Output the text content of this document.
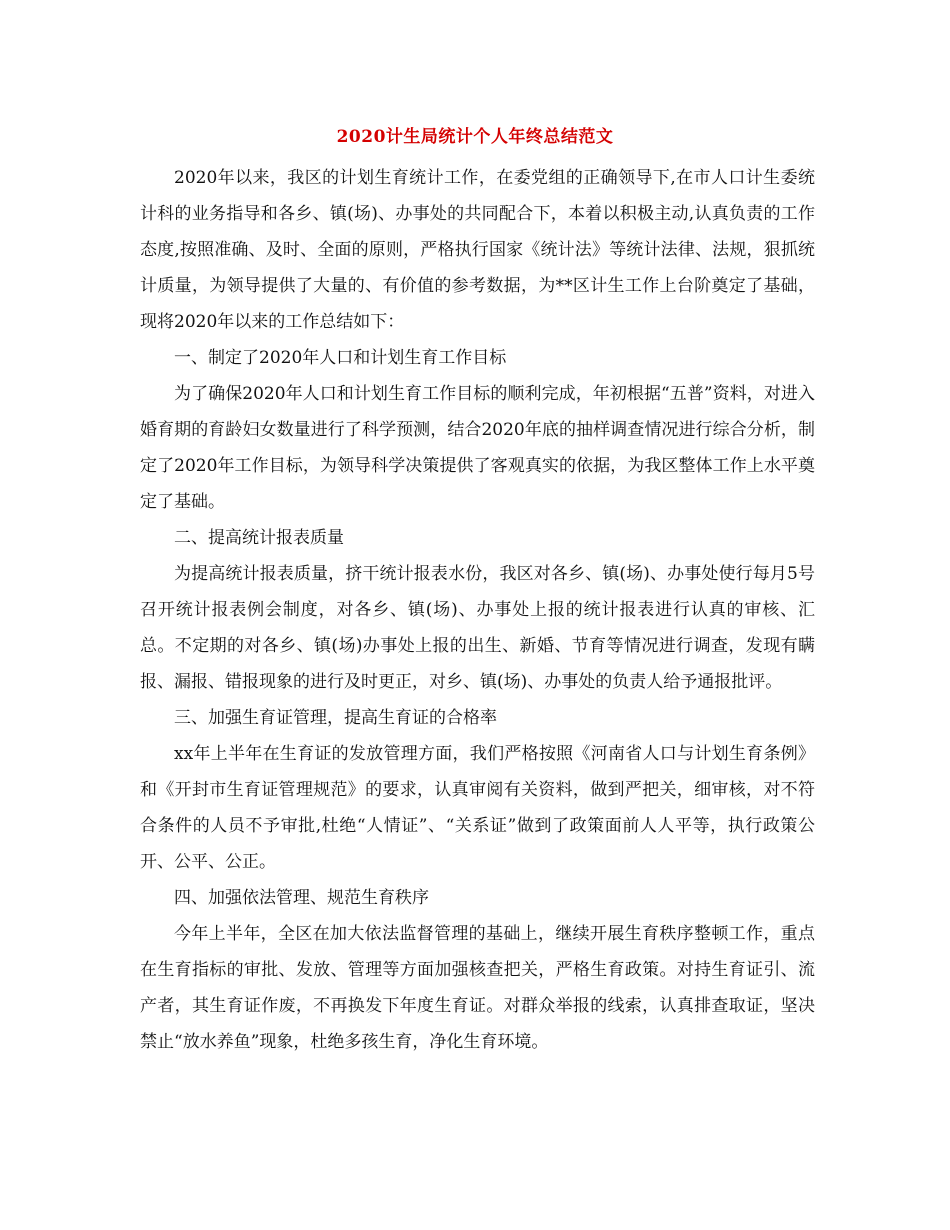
2020计生局统计个人年终总结范文

2020年以来，我区的计划生育统计工作，在委党组的正确领导下,在市人口计生委统计科的业务指导和各乡、镇(场)、办事处的共同配合下，本着以积极主动,认真负责的工作态度,按照准确、及时、全面的原则，严格执行国家《统计法》等统计法律、法规，狠抓统计质量，为领导提供了大量的、有价值的参考数据，为**区计生工作上台阶奠定了基础，现将2020年以来的工作总结如下：

一、制定了2020年人口和计划生育工作目标

为了确保2020年人口和计划生育工作目标的顺利完成，年初根据“五普”资料，对进入婚育期的育龄妇女数量进行了科学预测，结合2020年底的抽样调查情况进行综合分析，制定了2020年工作目标，为领导科学决策提供了客观真实的依据，为我区整体工作上水平奠定了基础。

二、提高统计报表质量

为提高统计报表质量，挤干统计报表水份，我区对各乡、镇(场)、办事处使行每月5号召开统计报表例会制度，对各乡、镇(场)、办事处上报的统计报表进行认真的审核、汇总。不定期的对各乡、镇(场)办事处上报的出生、新婚、节育等情况进行调查，发现有瞒报、漏报、错报现象的进行及时更正，对乡、镇(场)、办事处的负责人给予通报批评。

三、加强生育证管理，提高生育证的合格率

xx年上半年在生育证的发放管理方面，我们严格按照《河南省人口与计划生育条例》和《开封市生育证管理规范》的要求，认真审阅有关资料，做到严把关，细审核，对不符合条件的人员不予审批,杜绝“人情证”、“关系证”做到了政策面前人人平等，执行政策公开、公平、公正。

四、加强依法管理、规范生育秩序

今年上半年，全区在加大依法监督管理的基础上，继续开展生育秩序整顿工作，重点在生育指标的审批、发放、管理等方面加强核查把关，严格生育政策。对持生育证引、流产者，其生育证作废，不再换发下年度生育证。对群众举报的线索，认真排查取证，坚决禁止“放水养鱼”现象，杜绝多孩生育，净化生育环境。
